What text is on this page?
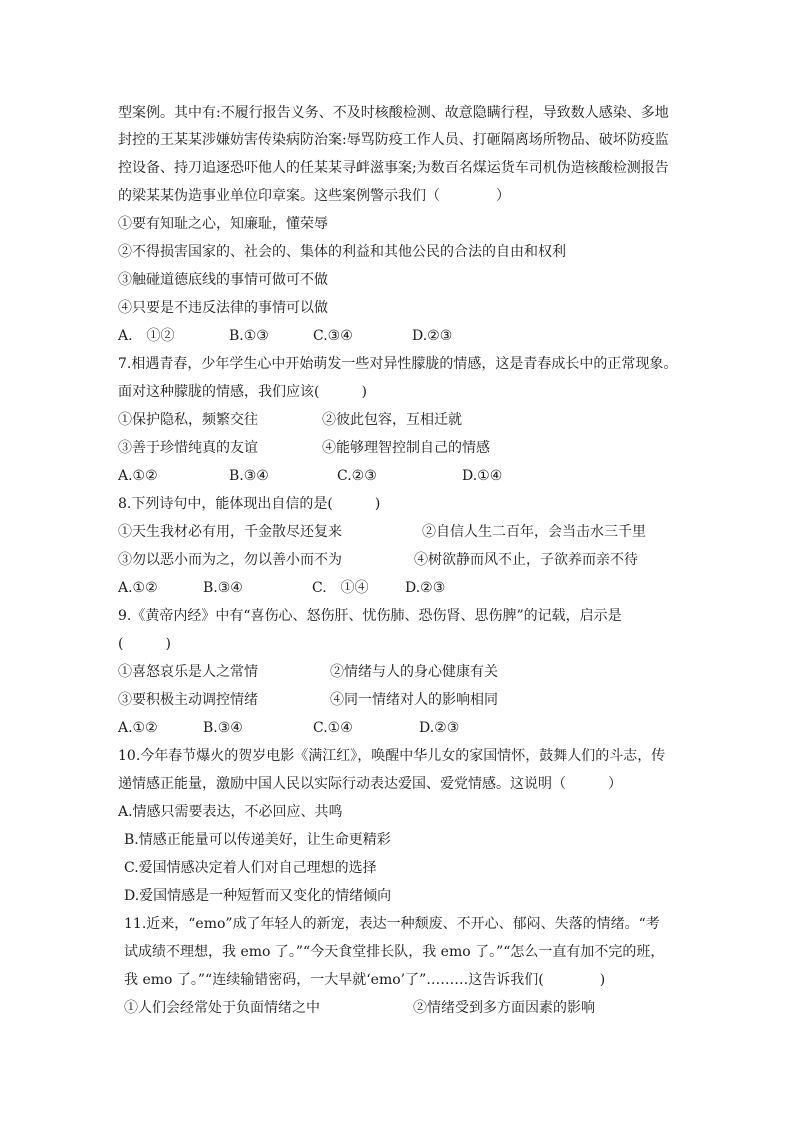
型案例。其中有:不履行报告义务、不及时核酸检测、故意隐瞒行程，导致数人感染、多地
封控的王某某涉嫌妨害传染病防治案:辱骂防疫工作人员、打砸隔离场所物品、破坏防疫监
控设备、持刀追逐恐吓他人的任某某寻衅滋事案;为数百名煤运货车司机伪造核酸检测报告
的梁某某伪造事业单位印章案。这些案例警示我们（　　　　）
①要有知耻之心，知廉耻，懂荣辱
②不得损害国家的、社会的、集体的利益和其他公民的合法的自由和权利
③触碰道德底线的事情可做可不做
④只要是不违反法律的事情可以做
A.　①②	B.①③	C.③④	D.②③
7.相遇青春，少年学生心中开始萌发一些对异性朦胧的情感，这是青春成长中的正常现象。
面对这种朦胧的情感，我们应该(　　　)
①保护隐私，频繁交往	②彼此包容，互相迁就
③善于珍惜纯真的友谊	④能够理智控制自己的情感
A.①②	B.③④	C.②③	D.①④
8.下列诗句中，能体现出自信的是(　　　)
①天生我材必有用，千金散尽还复来	②自信人生二百年，会当击水三千里
③勿以恶小而为之，勿以善小而不为	④树欲静而风不止，子欲养而亲不待
A.①②	B.③④	C.　①④	D.②③
9.《黄帝内经》中有“喜伤心、怒伤肝、忧伤肺、恐伤肾、思伤脾”的记载，启示是
(　　　)
①喜怒哀乐是人之常情	②情绪与人的身心健康有关
③要积极主动调控情绪	④同一情绪对人的影响相同
A.①②	B.③④	C.①④	D.②③
10.今年春节爆火的贺岁电影《满江红》，唤醒中华儿女的家国情怀，鼓舞人们的斗志，传
递情感正能量，激励中国人民以实际行动表达爱国、爱党情感。这说明（　　　）
A.情感只需要表达，不必回应、共鸣
B.情感正能量可以传递美好，让生命更精彩
C.爱国情感决定着人们对自己理想的选择
D.爱国情感是一种短暂而又变化的情绪倾向
11.近来，“emo”成了年轻人的新宠，表达一种颓废、不开心、郁闷、失落的情绪。“考
试成绩不理想，我 emo 了。”“今天食堂排长队，我 emo 了。”“怎么一直有加不完的班，
我 emo 了。”“连续输错密码，一大早就‘emo’了”………这告诉我们(　　　　)
①人们会经常处于负面情绪之中	②情绪受到多方面因素的影响
